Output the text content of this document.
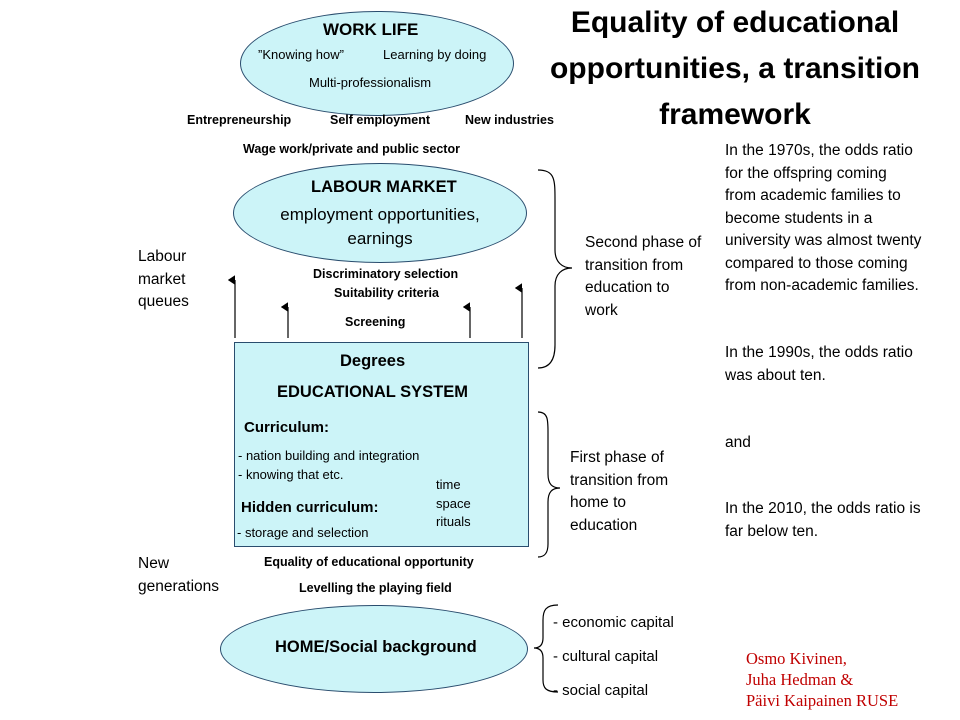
Equality of educational
opportunities, a transition
framework
WORK LIFE
”Knowing how”	Learning by doing
Multi-professionalism
Entrepreneurship	Self employment	New industries
Wage work/private and public sector
LABOUR MARKET
employment opportunities,
earnings
Discriminatory selection
Suitability criteria
Screening
Labour
market
queues
New
generations
Degrees
EDUCATIONAL SYSTEM
Curriculum:
- nation building and integration
- knowing that etc.
Hidden curriculum:
- storage and selection
time
space
rituals
Equality of educational opportunity
Levelling the playing field
HOME/Social background
- economic capital
- cultural capital
- social capital
Second phase of
transition from
education to
work
First phase of
transition from
home to
education
In the 1970s, the odds ratio
for the offspring coming
from academic families to
become students in a
university was almost twenty
compared to those coming
from non-academic families.
In the 1990s, the odds ratio
was about ten.
and
In the 2010, the odds ratio is
far below ten.
Osmo Kivinen,
Juha Hedman &
Päivi Kaipainen RUSE
